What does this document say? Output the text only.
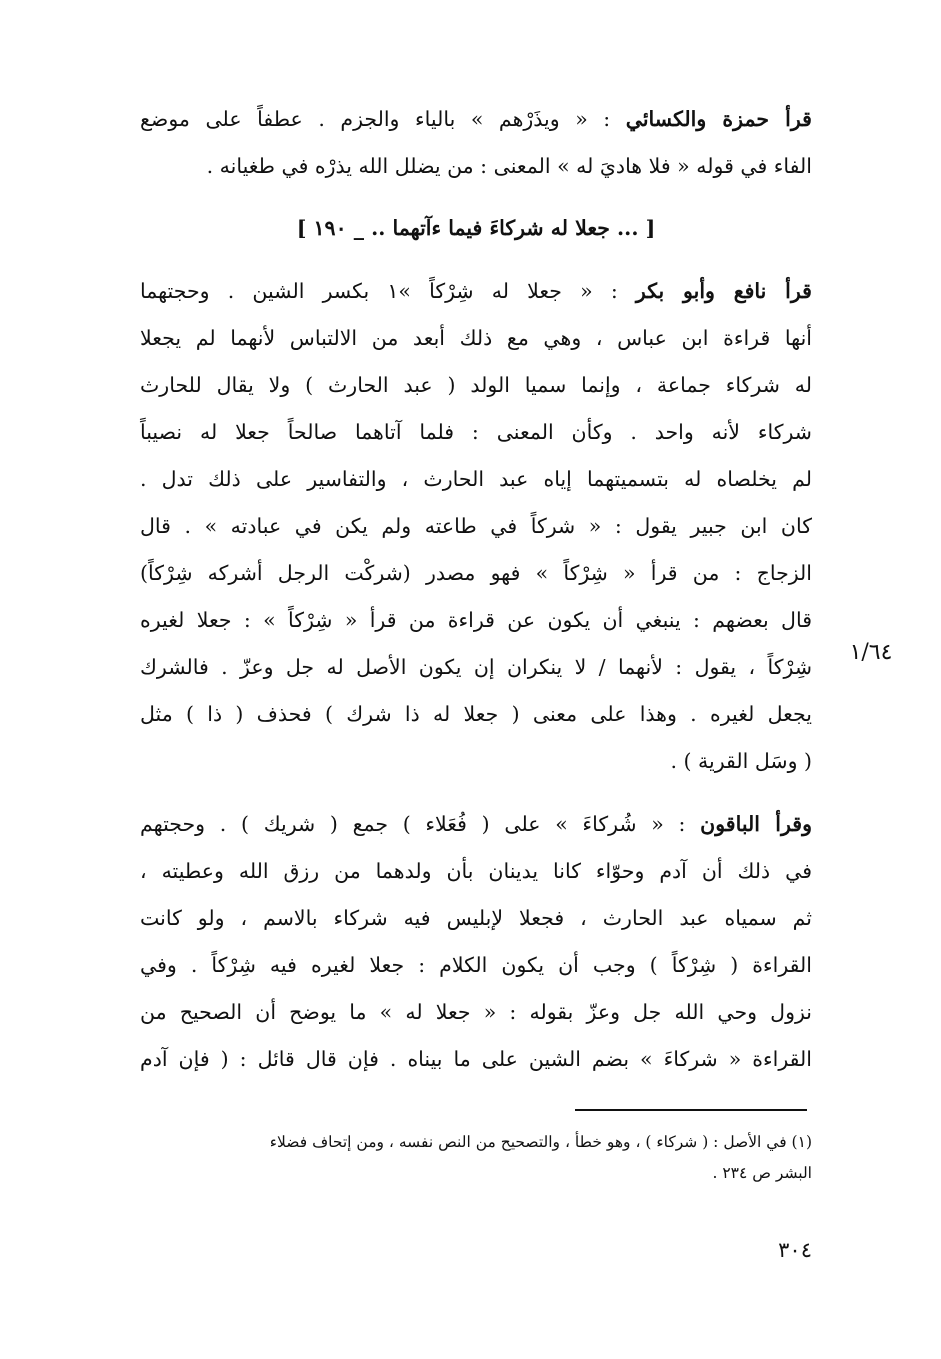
قرأ حمزة والكسائي : « ويذَرْهم » بالياء والجزم . عطفاً على موضع
الفاء في قوله « فلا هاديَ له » المعنى : من يضلل الله يذرْه في طغيانه .

[ ... جعلا له شركاءَ فيما ءآتهما .. _ ١٩٠ ]

قرأ نافع وأبو بكر : « جعلا له شِرْكاً »١ بكسر الشين . وحجتهما
أنها قراءة ابن عباس ، وهي مع ذلك أبعد من الالتباس لأنهما لم يجعلا
له شركاء جماعة ، وإنما سميا الولد ( عبد الحارث ) ولا يقال للحارث
شركاء لأنه واحد . وكأن المعنى : فلما آتاهما صالحاً جعلا له نصيباً
لم يخلصاه له بتسميتهما إياه عبد الحارث ، والتفاسير على ذلك تدل .
كان ابن جبير يقول : « شركاً في طاعته ولم يكن في عبادته » . قال
الزجاج : من قرأ « شِرْكاً » فهو مصدر (شركْت الرجل أشركه شِرْكاً)
قال بعضهم : ينبغي أن يكون عن قراءة من قرأ « شِرْكاً » : جعلا لغيره
شِرْكاً ، يقول : لأنهما / لا ينكران إن يكون الأصل له جل وعزّ . فالشرك
يجعل لغيره . وهذا على معنى ( جعلا له ذا شرك ) فحذف ( ذا ) مثل
( وسَل القرية ) .

وقرأ الباقون : « شُركاءَ » على ( فُعَلاء ) جمع ( شريك ) . وحجتهم
في ذلك أن آدم وحوّاء كانا يدينان بأن ولدهما من رزق الله وعطيته ،
ثم سمياه عبد الحارث ، فجعلا لإبليس فيه شركاء بالاسم ، ولو كانت
القراءة ( شِرْكاً ) وجب أن يكون الكلام : جعلا لغيره فيه شِرْكاً . وفي
نزول وحي الله جل وعزّ بقوله : « جعلا له » ما يوضح أن الصحيح من
القراءة « شركاءَ » بضم الشين على ما بيناه . فإن قال قائل : ( فإن آدم

١/٦٤
(١) في الأصل : ( شركاء ) ، وهو خطأ ، والتصحيح من النص نفسه ، ومن إتحاف فضلاء
البشر ص ٢٣٤ .
٣٠٤
